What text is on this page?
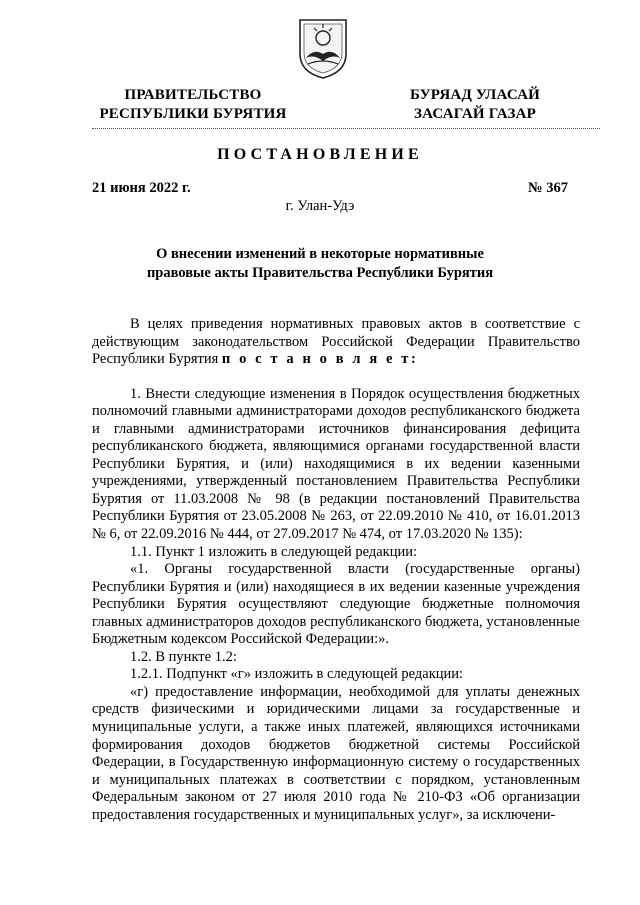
ПРАВИТЕЛЬСТВО
РЕСПУБЛИКИ БУРЯТИЯ
БУРЯАД УЛАСАЙ
ЗАСАГАЙ ГАЗАР
ПОСТАНОВЛЕНИЕ
21 июня 2022 г.	№ 367
г. Улан-Удэ
О внесении изменений в некоторые нормативные
правовые акты Правительства Республики Бурятия

В целях приведения нормативных правовых актов в соответствие с действующим законодательством Российской Федерации Правительство Республики Бурятия п о с т а н о в л я е т:

1. Внести следующие изменения в Порядок осуществления бюджетных полномочий главными администраторами доходов республиканского бюджета и главными администраторами источников финансирования дефицита республиканского бюджета, являющимися органами государственной власти Республики Бурятия, и (или) находящимися в их ведении казенными учреждениями, утвержденный постановлением Правительства Республики Бурятия от 11.03.2008 № 98 (в редакции постановлений Правительства Республики Бурятия от 23.05.2008 № 263, от 22.09.2010 № 410, от 16.01.2013 № 6, от 22.09.2016 № 444, от 27.09.2017 № 474, от 17.03.2020 № 135):

1.1. Пункт 1 изложить в следующей редакции:

«1. Органы государственной власти (государственные органы) Республики Бурятия и (или) находящиеся в их ведении казенные учреждения Республики Бурятия осуществляют следующие бюджетные полномочия главных администраторов доходов республиканского бюджета, установленные Бюджетным кодексом Российской Федерации:».

1.2. В пункте 1.2:

1.2.1. Подпункт «г» изложить в следующей редакции:

«г) предоставление информации, необходимой для уплаты денежных средств физическими и юридическими лицами за государственные и муниципальные услуги, а также иных платежей, являющихся источниками формирования доходов бюджетов бюджетной системы Российской Федерации, в Государственную информационную систему о государственных и муниципальных платежах в соответствии с порядком, установленным Федеральным законом от 27 июля 2010 года № 210-ФЗ «Об организации предоставления государственных и муниципальных услуг», за исключени-
